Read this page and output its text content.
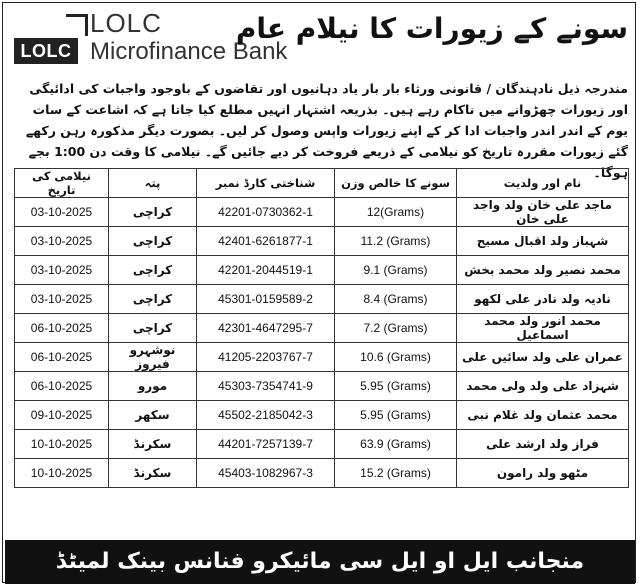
LOLC
LOLC
Microfinance Bank
سونے کے زیورات کا نیلام عام
مندرجہ ذیل نادہندگان / قانونی ورثاء بار بار یاد دہانیوں اور تقاضوں کے باوجود واجبات کی ادائیگی اور زیورات چھڑوانے میں ناکام رہے ہیں۔ بذریعہ اشتہار انہیں مطلع کیا جاتا ہے کہ اشاعت کے سات یوم کے اندر اندر واجبات ادا کر کے اپنے زیورات واپس وصول کر لیں۔ بصورت دیگر مذکورہ رہن رکھے گئے زیورات مقررہ تاریخ کو نیلامی کے ذریعے فروخت کر دیے جائیں گے۔ نیلامی کا وقت دن 1:00 بجے ہوگا۔
نام اور ولدیت	سونے کا خالص وزن	شناختی کارڈ نمبر	پتہ	نیلامی کی تاریخ
ماجد علی خان ولد واجد علی خان	12(Grams)	42201-0730362-1	کراچی	03-10-2025
شہباز ولد اقبال مسیح	11.2 (Grams)	42401-6261877-1	کراچی	03-10-2025
محمد نصیر ولد محمد بخش	9.1 (Grams)	42201-2044519-1	کراچی	03-10-2025
نادیہ ولد نادر علی لکھو	8.4 (Grams)	45301-0159589-2	کراچی	03-10-2025
محمد انور ولد محمد اسماعیل	7.2 (Grams)	42301-4647295-7	کراچی	06-10-2025
عمران علی ولد سائیں علی	10.6 (Grams)	41205-2203767-7	نوشہرو فیروز	06-10-2025
شہزاد علی ولد ولی محمد	5.95 (Grams)	45303-7354741-9	مورو	06-10-2025
محمد عثمان ولد غلام نبی	5.95 (Grams)	45502-2185042-3	سکھر	09-10-2025
فراز ولد ارشد علی	63.9 (Grams)	44201-7257139-7	سکرنڈ	10-10-2025
مٹھو ولد رامون	15.2 (Grams)	45403-1082967-3	سکرنڈ	10-10-2025
منجانب ایل او ایل سی مائیکرو فنانس بینک لمیٹڈ
